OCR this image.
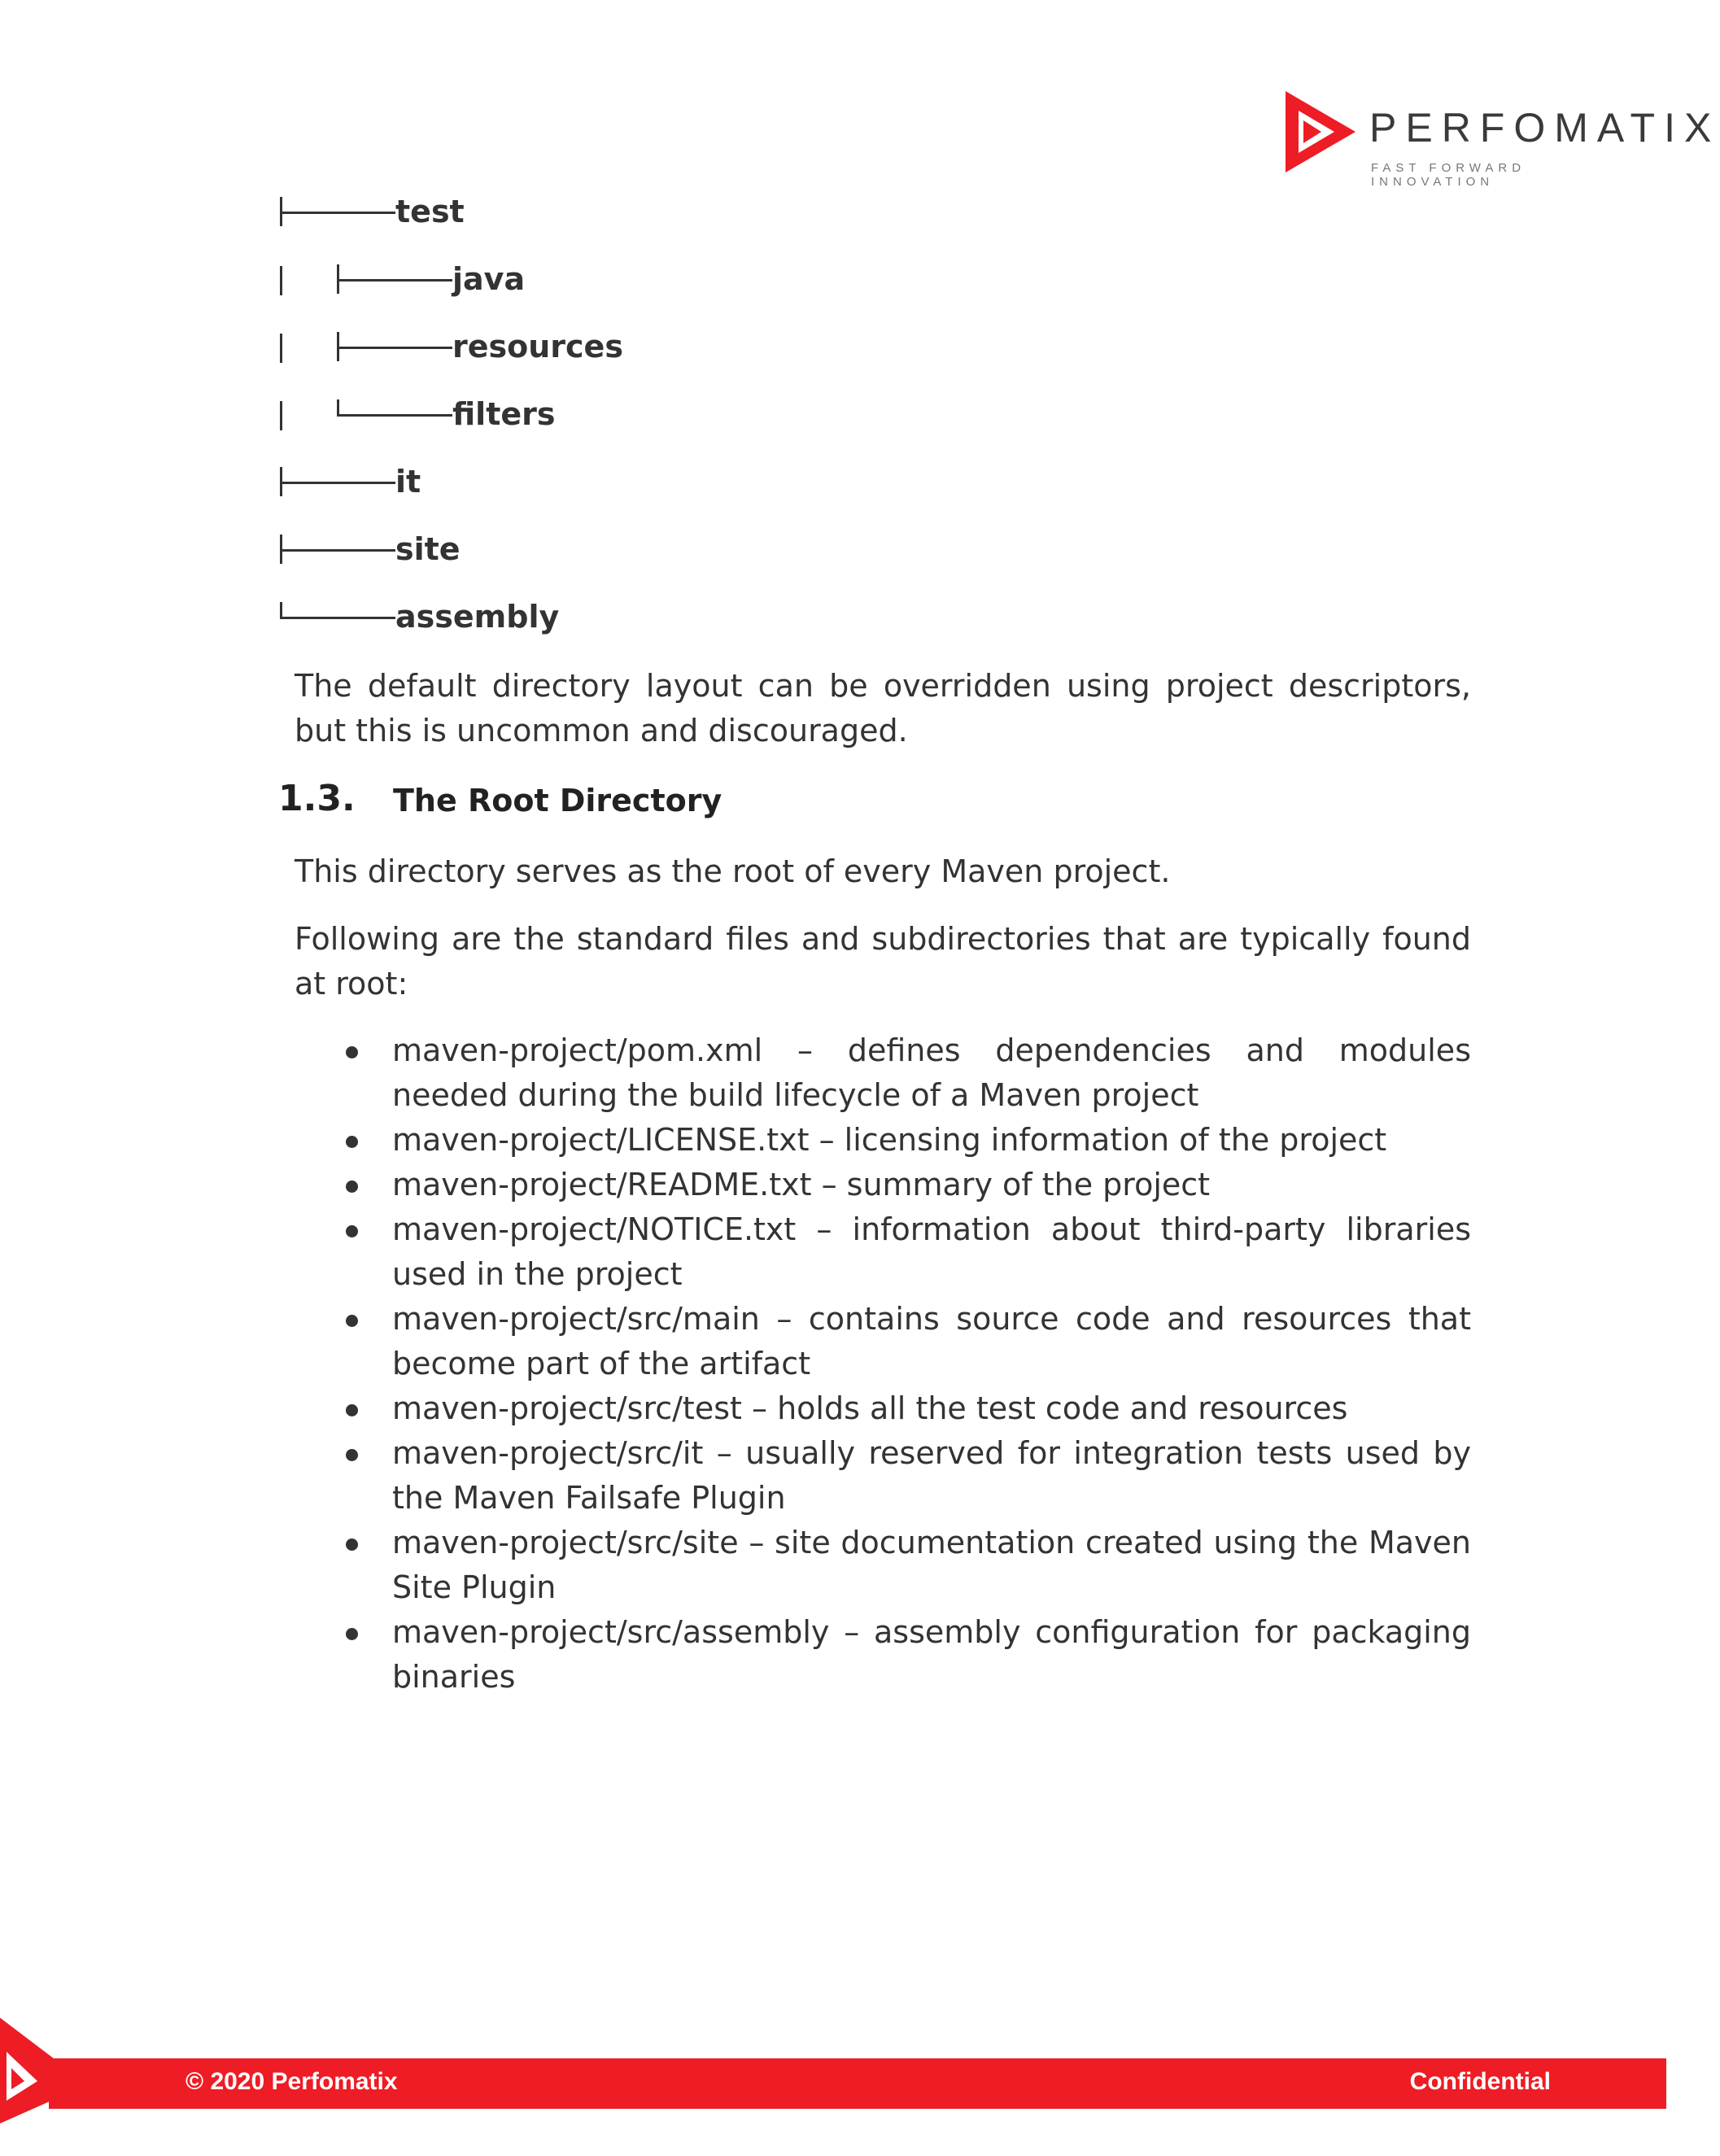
PERFOMATIX
FAST FORWARD INNOVATION
test
java
resources
filters
it
site
assembly

The default directory layout can be overridden using project descriptors, but this is uncommon and discouraged.

1.3. The Root Directory

This directory serves as the root of every Maven project.

Following are the standard files and subdirectories that are typically found at root:

maven-project/pom.xml – defines dependencies and modules needed during the build lifecycle of a Maven project
maven-project/LICENSE.txt – licensing information of the project
maven-project/README.txt – summary of the project
maven-project/NOTICE.txt – information about third-party libraries used in the project
maven-project/src/main – contains source code and resources that become part of the artifact
maven-project/src/test – holds all the test code and resources
maven-project/src/it – usually reserved for integration tests used by the Maven Failsafe Plugin
maven-project/src/site – site documentation created using the Maven Site Plugin
maven-project/src/assembly – assembly configuration for packaging binaries
© 2020 Perfomatix	Confidential
